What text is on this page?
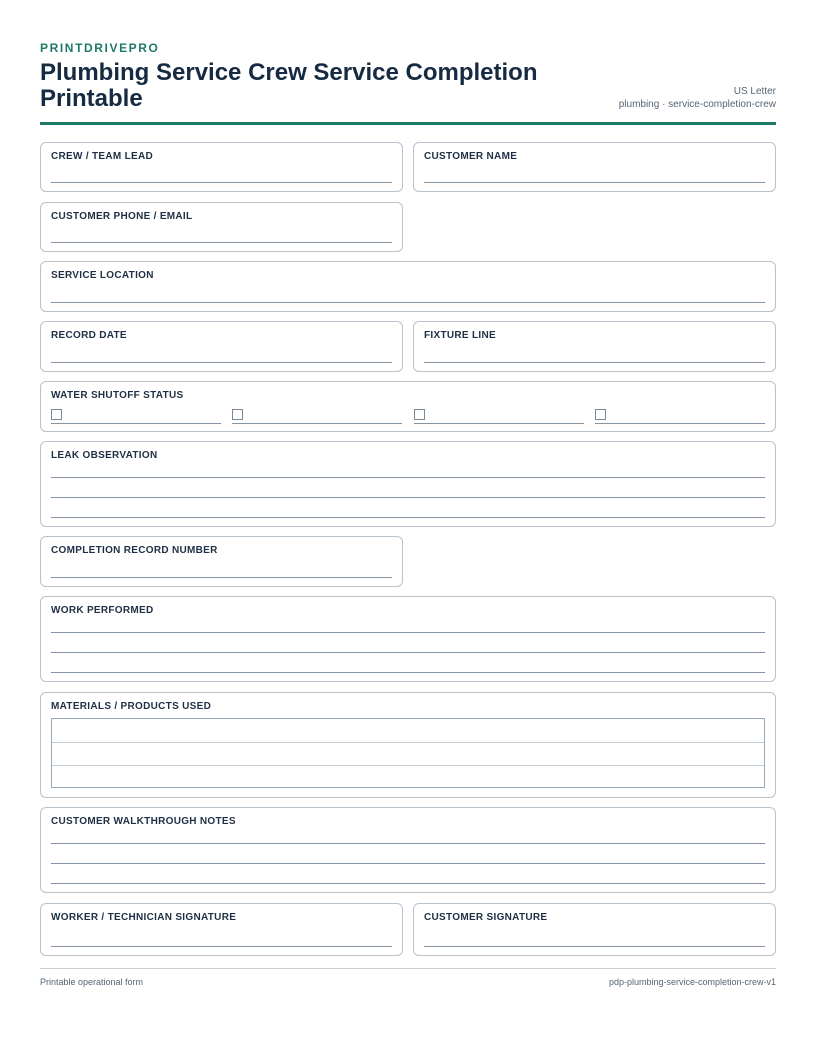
PRINTDRIVEPRO
Plumbing Service Crew Service Completion Printable	US Letter
plumbing · service-completion-crew
CREW / TEAM LEAD	CUSTOMER NAME
CUSTOMER PHONE / EMAIL
SERVICE LOCATION
RECORD DATE	FIXTURE LINE
WATER SHUTOFF STATUS
LEAK OBSERVATION
COMPLETION RECORD NUMBER
WORK PERFORMED
MATERIALS / PRODUCTS USED
CUSTOMER WALKTHROUGH NOTES
WORKER / TECHNICIAN SIGNATURE	CUSTOMER SIGNATURE
Printable operational form	pdp-plumbing-service-completion-crew-v1
